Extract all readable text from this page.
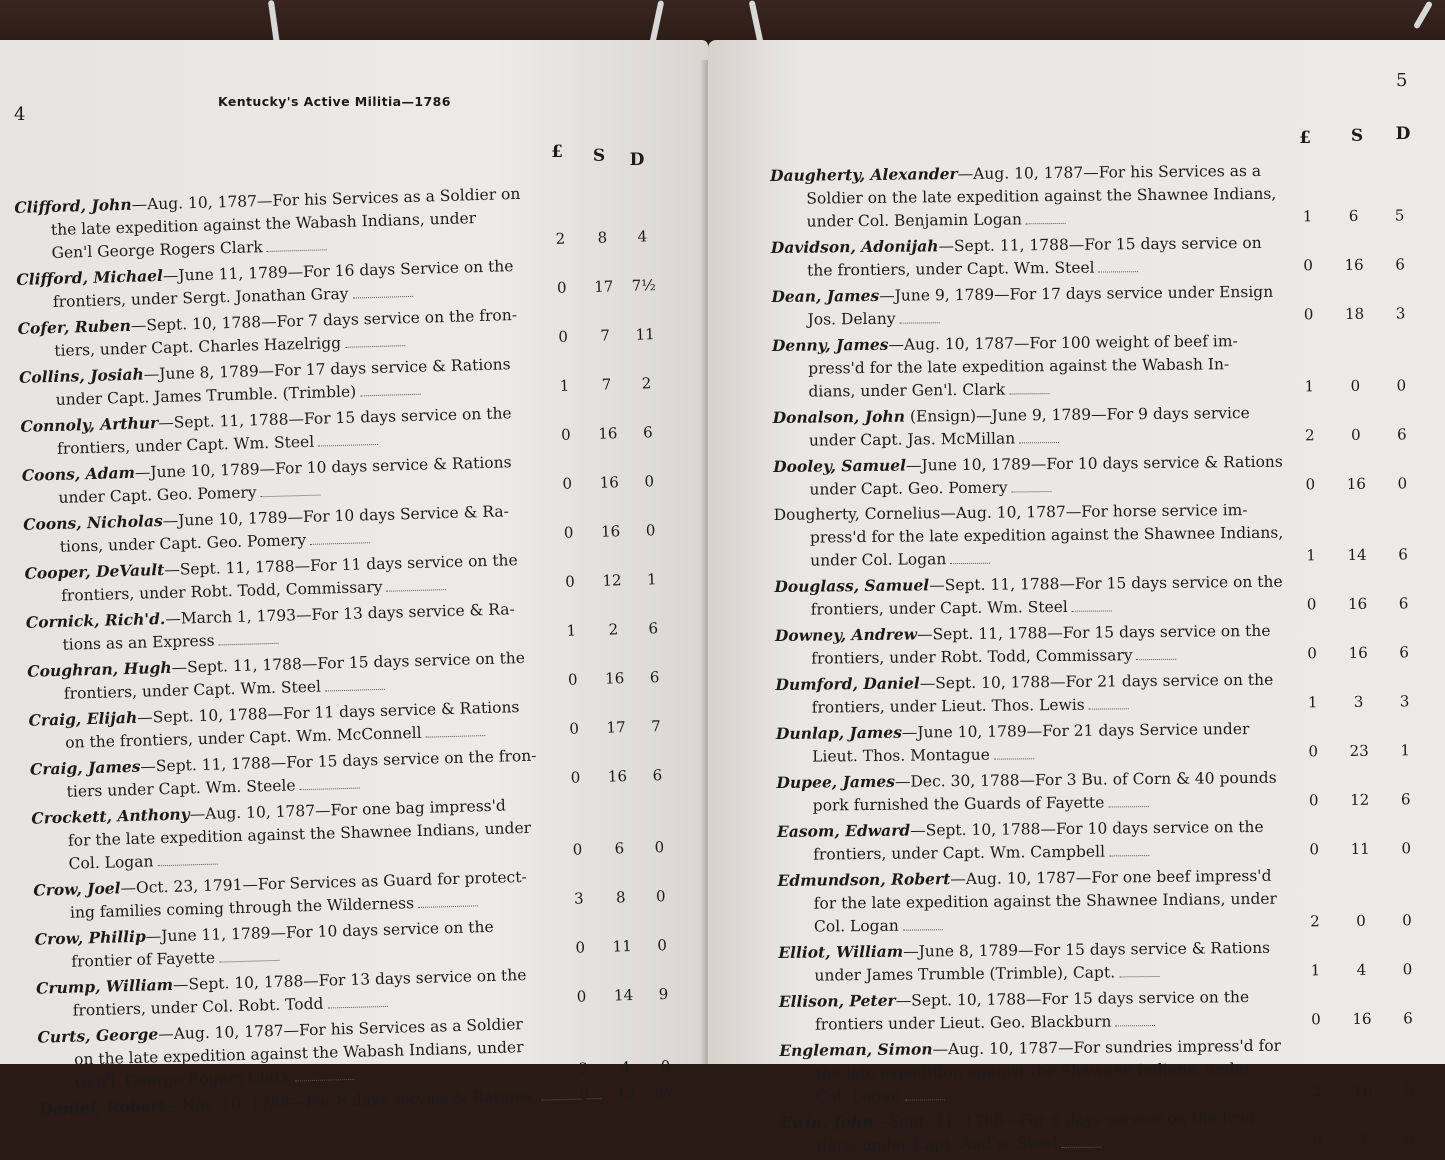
4
Kentucky's Active Militia—1786
£	S	D
Clifford, John—Aug. 10, 1787—For his Services as a Soldier on
the late expedition against the Wabash Indians, under
Gen'l George Rogers Clark	2	8	4
Clifford, Michael—June 11, 1789—For 16 days Service on the
frontiers, under Sergt. Jonathan Gray	0	17	7½
Cofer, Ruben—Sept. 10, 1788—For 7 days service on the fron-
tiers, under Capt. Charles Hazelrigg	0	7	11
Collins, Josiah—June 8, 1789—For 17 days service & Rations
under Capt. James Trumble. (Trimble)	1	7	2
Connoly, Arthur—Sept. 11, 1788—For 15 days service on the
frontiers, under Capt. Wm. Steel	0	16	6
Coons, Adam—June 10, 1789—For 10 days service & Rations
under Capt. Geo. Pomery	0	16	0
Coons, Nicholas—June 10, 1789—For 10 days Service & Ra-
tions, under Capt. Geo. Pomery	0	16	0
Cooper, DeVault—Sept. 11, 1788—For 11 days service on the
frontiers, under Robt. Todd, Commissary	0	12	1
Cornick, Rich'd.—March 1, 1793—For 13 days service & Ra-
tions as an Express
1	2	6
Coughran, Hugh—Sept. 11, 1788—For 15 days service on the
frontiers, under Capt. Wm. Steel	0	16	6
Craig, Elijah—Sept. 10, 1788—For 11 days service & Rations
on the frontiers, under Capt. Wm. McConnell	0	17	7
Craig, James—Sept. 11, 1788—For 15 days service on the fron-
tiers under Capt. Wm. Steele	0	16	6
Crockett, Anthony—Aug. 10, 1787—For one bag impress'd
for the late expedition against the Shawnee Indians, under
Col. Logan
0	6	0
Crow, Joel—Oct. 23, 1791—For Services as Guard for protect-
ing families coming through the Wilderness	3	8	0
Crow, Phillip—June 11, 1789—For 10 days service on the
frontier of Fayette
0	11	0
Crump, William—Sept. 10, 1788—For 13 days service on the
frontiers, under Col. Robt. Todd	0	14	9
Curts, George—Aug. 10, 1787—For his Services as a Soldier
on the late expedition against the Wabash Indians, under
Gen'l. George Rogers Clark	2	4	0
Daniel, Robert—Nov. 10, 1788—For 8 days service & Rations,	0	12	9½
5
£	S	D
Daugherty, Alexander—Aug. 10, 1787—For his Services as a
Soldier on the late expedition against the Shawnee Indians,
under Col. Benjamin Logan	1	6	5
Davidson, Adonijah—Sept. 11, 1788—For 15 days service on
the frontiers, under Capt. Wm. Steel	0	16	6
Dean, James—June 9, 1789—For 17 days service under Ensign
Jos. Delany	0	18	3
Denny, James—Aug. 10, 1787—For 100 weight of beef im-
press'd for the late expedition against the Wabash In-
dians, under Gen'l. Clark	1	0	0
Donalson, John (Ensign)—June 9, 1789—For 9 days service
under Capt. Jas. McMillan	2	0	6
Dooley, Samuel—June 10, 1789—For 10 days service & Rations
under Capt. Geo. Pomery	0	16	0
Dougherty, Cornelius—Aug. 10, 1787—For horse service im-
press'd for the late expedition against the Shawnee Indians,
under Col. Logan	1	14	6
Douglass, Samuel—Sept. 11, 1788—For 15 days service on the
frontiers, under Capt. Wm. Steel	0	16	6
Downey, Andrew—Sept. 11, 1788—For 15 days service on the
frontiers, under Robt. Todd, Commissary	0	16	6
Dumford, Daniel—Sept. 10, 1788—For 21 days service on the
frontiers, under Lieut. Thos. Lewis	1	3	3
Dunlap, James—June 10, 1789—For 21 days Service under
Lieut. Thos. Montague	0	23	1
Dupee, James—Dec. 30, 1788—For 3 Bu. of Corn & 40 pounds
pork furnished the Guards of Fayette	0	12	6
Easom, Edward—Sept. 10, 1788—For 10 days service on the
frontiers, under Capt. Wm. Campbell	0	11	0
Edmundson, Robert—Aug. 10, 1787—For one beef impress'd
for the late expedition against the Shawnee Indians, under
Col. Logan	2	0	0
Elliot, William—June 8, 1789—For 15 days service & Rations
under James Trumble (Trimble), Capt.	1	4	0
Ellison, Peter—Sept. 10, 1788—For 15 days service on the
frontiers under Lieut. Geo. Blackburn	0	16	6
Engleman, Simon—Aug. 10, 1787—For sundries impress'd for
the late expedition against the Shawnee Indians, under
Col. Logan	2	10	0
Ewin, John—Sept. 11, 1788—For 6 days service on the fron-
tiers, under Capt. And'w. Steel	0	7	6
